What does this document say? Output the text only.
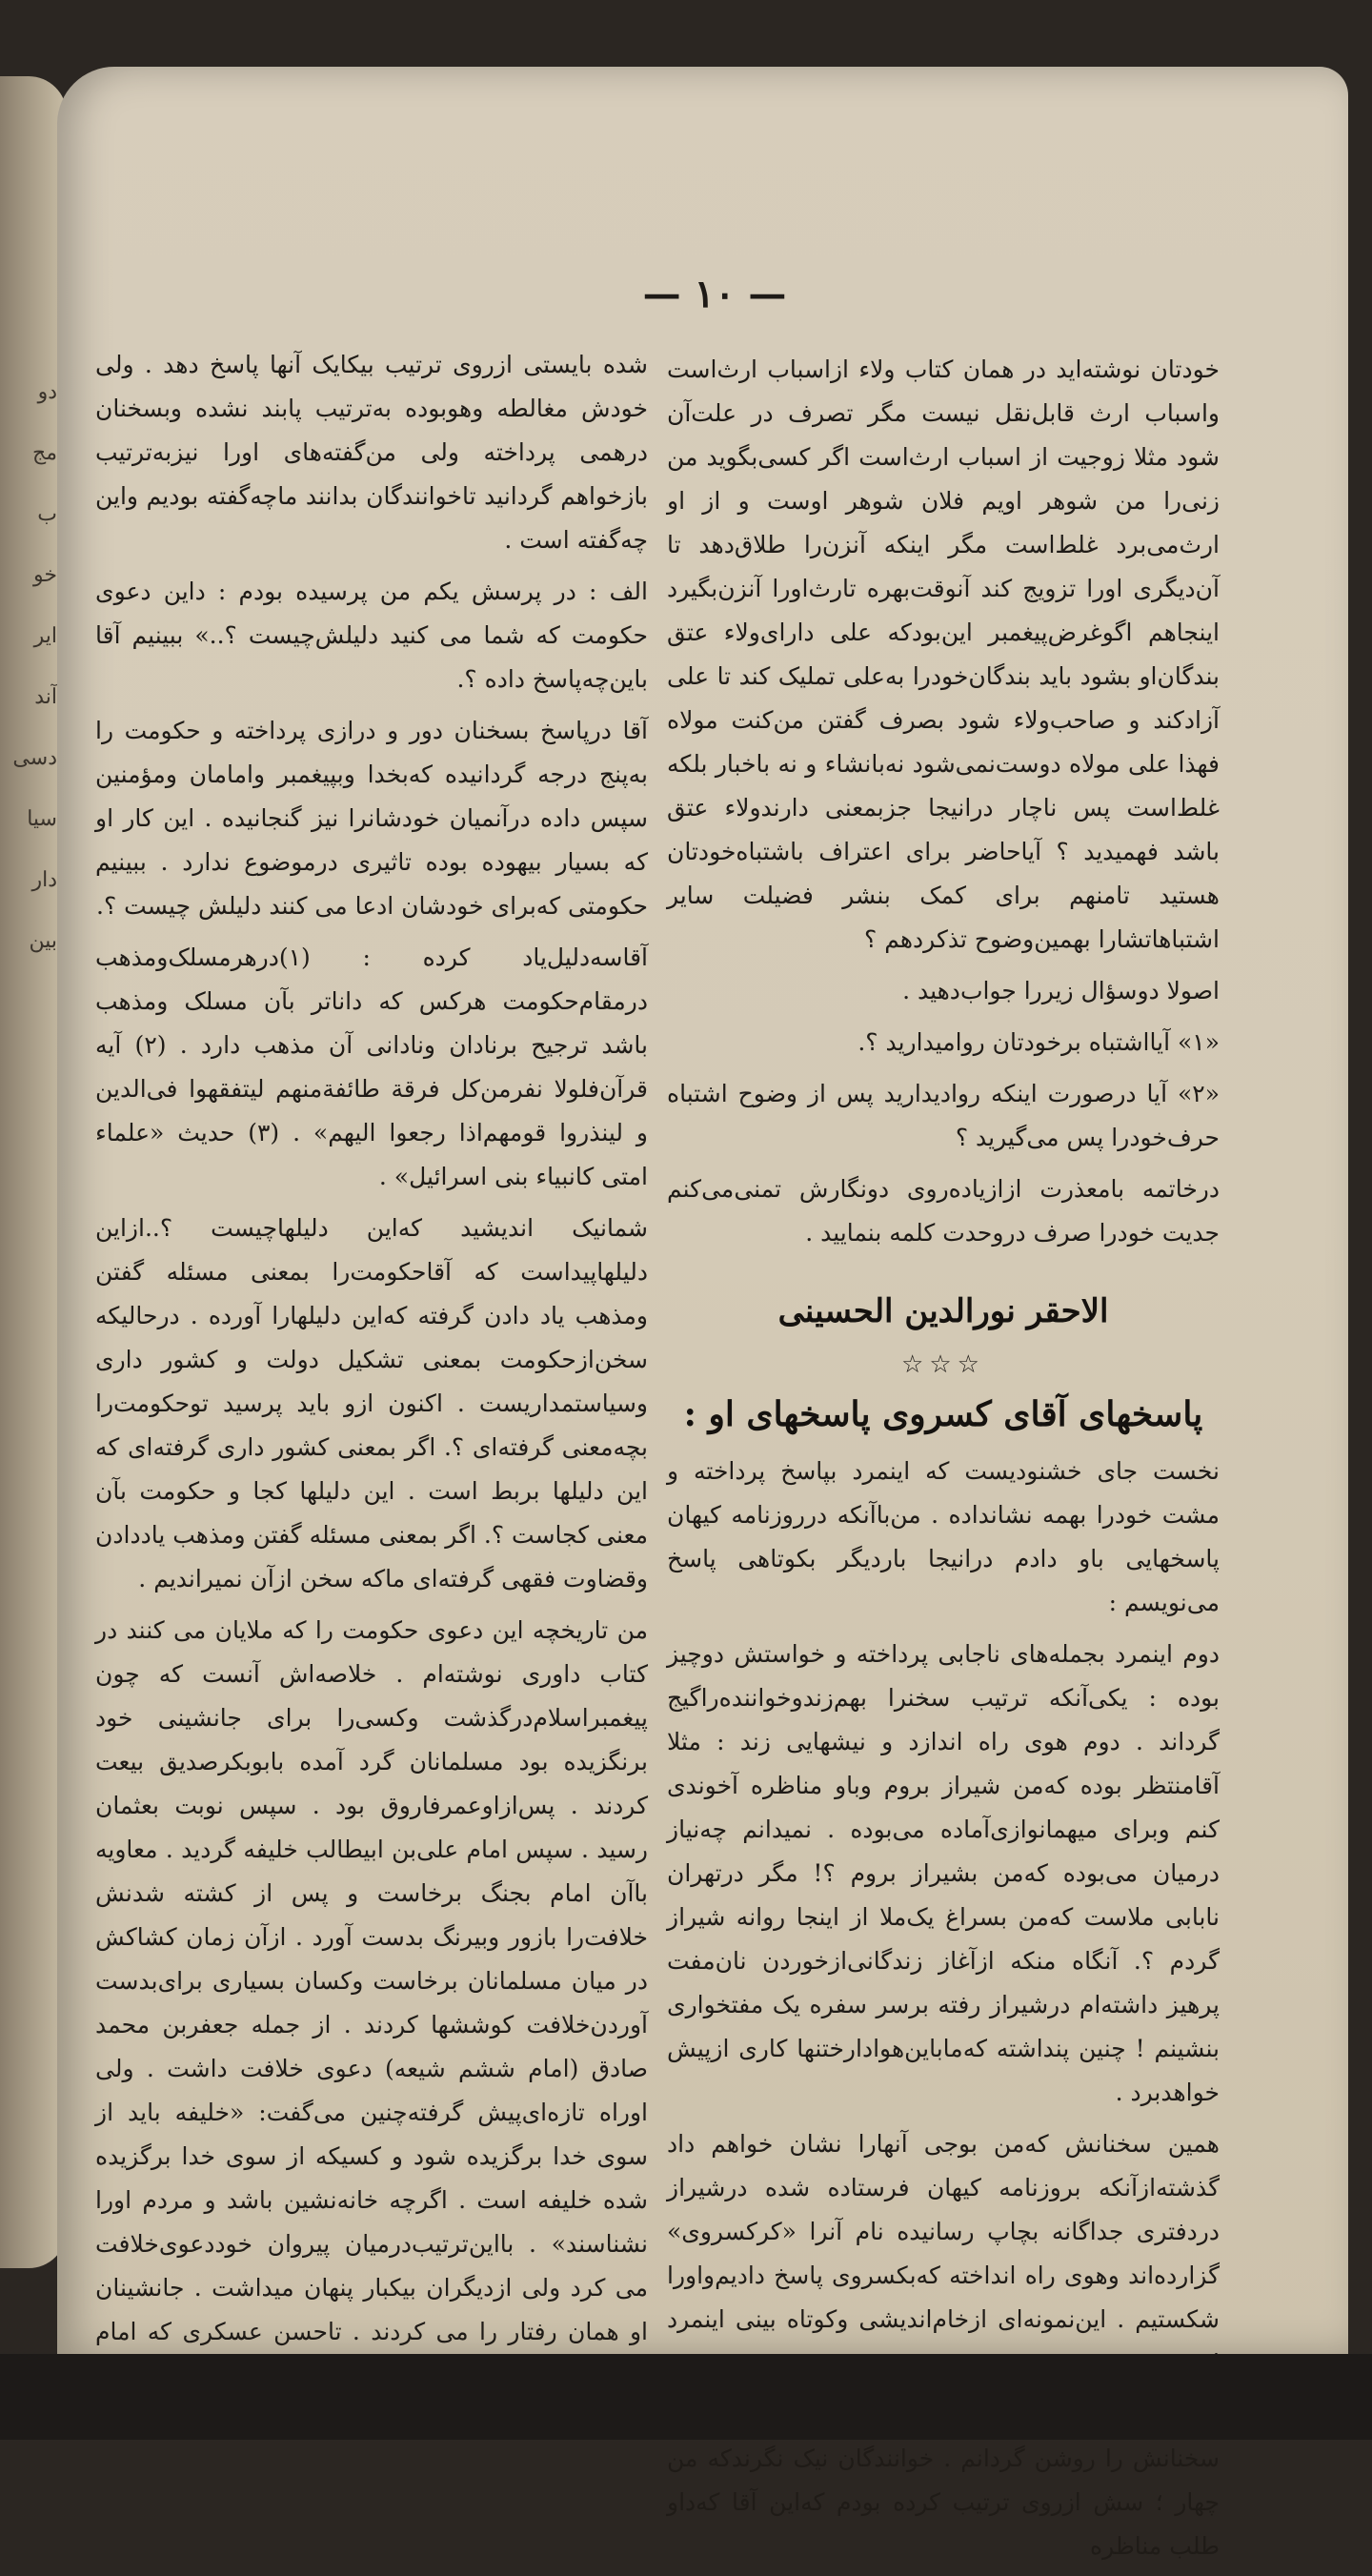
دو
مج
ب
خو
ایر
آند
دسی
سیا
دار
بین
— ١٠ —

خودتان نوشته‌اید در همان کتاب ولاء ازاسباب ارث‌است واسباب ارث قابل‌نقل نیست مگر تصرف در علت‌آن شود مثلا زوجیت از اسباب ارث‌است اگر کسی‌بگوید من زنی‌را من شوهر اویم فلان شوهر اوست و از او ارث‌می‌برد غلط‌است مگر اینکه آنزن‌را طلاق‌دهد تا آن‌دیگری اورا تزویج کند آنوقت‌بهره تارث‌اورا آنزن‌بگیرد اینجاهم اگوغرض‌پیغمبر این‌بودکه علی دارای‌ولاء عتق بندگان‌او بشود باید بندگان‌خودرا به‌علی تملیک کند تا علی آزادکند و صاحب‌ولاء شود بصرف گفتن من‌کنت مولاه فهذا علی مولاه دوست‌نمی‌شود نه‌بانشاء و نه باخبار بلکه غلط‌است پس ناچار درانیجا جزبمعنی دارندولاء عتق باشد فهمیدید ؟ آیاحاضر برای اعتراف باشتباه‌خودتان هستید تامنهم برای کمک بنشر فضیلت سایر اشتباهاتشارا بهمین‌وضوح تذکردهم ؟

اصولا دوسؤال زیررا جواب‌دهید .

«۱» آیااشتباه برخودتان روامیدارید ؟.

«۲» آیا درصورت اینکه روادیدارید پس از وضوح اشتباه حرف‌خودرا پس می‌گیرید ؟

درخاتمه بامعذرت ازازیاده‌روی دونگارش تمنی‌می‌کنم جدیت خودرا صرف دروحدت کلمه بنمایید .

الاحقر نورالدین الحسینی
☆☆☆
پاسخهای آقای کسروی پاسخهای او :

نخست جای خشنودیست که اینمرد بپاسخ پرداخته و مشت خودرا بهمه نشانداده . من‌باآنکه درروزنامه کیهان پاسخهایی باو دادم درانیجا باردیگر بکوتاهی پاسخ می‌نویسم :

دوم اینمرد بجمله‌های ناجابی پرداخته و خواستش دوچیز بوده : یکی‌آنکه ترتیب سخنرا بهم‌زندوخواننده‌راگیج گرداند . دوم هوی راه اندازد و نیشهایی زند : مثلا آقامنتظر بوده که‌من شیراز بروم وباو مناظره آخوندی کنم وبرای میهمانوازی‌آماده می‌بوده . نمیدانم چه‌نیاز درمیان می‌بوده که‌من بشیراز بروم ؟! مگر درتهران نابابی ملاست که‌من بسراغ یک‌ملا از اینجا روانه شیراز گردم ؟. آنگاه منکه ازآغاز زندگانی‌ازخوردن نان‌مفت پرهیز داشته‌ام درشیراز رفته برسر سفره یک مفتخواری بنشینم ! چنین پنداشته که‌ماباین‌هوادارختنها کاری ازپیش خواهدبرد .

همین سخنانش که‌من بوجی آنهارا نشان خواهم داد گذشته‌ازآنکه بروزنامه کیهان فرستاده شده درشیراز دردفتری جداگانه بچاپ رسانیده نام آنرا «کرکسروی» گزارده‌اند وهوی راه انداخته که‌بکسروی پاسخ دادیم‌واورا شکستیم . این‌نمونه‌ای ازخام‌اندیشی وکوتاه بینی اینمرد

سخنانش را روشن گردانم . خوانندگان نیک نگرندکه من چهار ؛ سش ازروی ترتیب کرده بودم که‌این آقا که‌داو طلب مناظره

شده بایستی ازروی ترتیب بیکایک آنها پاسخ دهد . ولی خودش مغالطه وهوبوده به‌ترتیب پابند نشده وبسخنان درهمی پرداخته ولی من‌گفته‌های اورا نیزبه‌ترتیب بازخواهم گردانید تاخوانندگان بدانند ماچه‌گفته بودیم واین چه‌گفته است .

الف : در پرسش یکم من پرسیده بودم : داین دعوی حکومت که شما می کنید دلیلش‌چیست ؟..» ببینیم آقا باین‌چه‌پاسخ داده ؟.

آقا درپاسخ بسخنان دور و درازی پرداخته و حکومت را به‌پنج درجه گردانیده که‌بخدا وبپیغمبر وامامان ومؤمنین سپس داده درآنمیان خودشانرا نیز گنجانیده . این کار او که بسیار بیهوده بوده تاثیری درموضوع ندارد . ببینیم حکومتی که‌برای خودشان ادعا می کنند دلیلش چیست ؟.

آقاسه‌دلیل‌یاد کرده : (۱)درهرمسلک‌ومذهب درمقام‌حکومت هرکس که داناتر بآن مسلک ومذهب باشد ترجیح برنادان ونادانی آن مذهب دارد . (۲) آیه قرآن‌فلولا نفرمن‌کل فرقة طائفة‌منهم لیتفقهوا فی‌الدین و لینذروا قومهم‌اذا رجعوا الیهم» . (۳) حدیث «علماء امتی کانبیاء بنی اسرائیل» .

شمانیک اندیشید که‌این دلیلها‌چیست ؟..ازاین دلیلهاپیداست که آقاحکومت‌را بمعنی مسئله گفتن ومذهب یاد دادن گرفته که‌این دلیلهارا آورده . درحالیکه سخن‌ازحکومت بمعنی تشکیل دولت و کشور داری وسیاستمداریست . اکنون ازو باید پرسید توحکومت‌را بچه‌معنی گرفته‌ای ؟. اگر بمعنی کشور داری گرفته‌ای که این دلیلها بربط است . این دلیلها کجا و حکومت بآن معنی کجاست ؟. اگر بمعنی مسئله گفتن ومذهب یاددادن وقضاوت فقهی گرفته‌ای ماکه سخن ازآن نمیراندیم .

من تاریخچه این دعوی حکومت را که ملایان می کنند در کتاب داوری نوشته‌ام . خلاصه‌اش آنست که چون پیغمبراسلام‌درگذشت وکسی‌را برای جانشینی خود برنگزیده بود مسلمانان گرد آمده بابوبکرصدیق بیعت کردند . پس‌ازاوعمرفاروق بود . سپس نوبت بعثمان رسید . سپس امام علی‌بن ابیطالب خلیفه گردید . معاویه باآن امام بجنگ برخاست و پس از کشته شدنش خلافت‌را بازور وبیرنگ بدست آورد . ازآن زمان کشاکش در میان مسلمانان برخاست وکسان بسیاری برای‌بدست آوردن‌خلافت کوششها کردند . از جمله جعفربن محمد صادق (امام ششم شیعه) دعوی خلافت داشت . ولی اوراه تازه‌ای‌پیش گرفته‌چنین می‌گفت: «خلیفه باید از سوی خدا برگزیده شود و کسیکه از سوی خدا برگزیده شده خلیفه است . اگرچه خانه‌نشین باشد و مردم اورا نشناسند» . بااین‌ترتیب‌درمیان پیروان خوددعوی‌خلافت می کرد ولی ازدیگران بیکبار پنهان میداشت . جانشینان او همان رفتار را می کردند . تاحسن عسکری که امام
